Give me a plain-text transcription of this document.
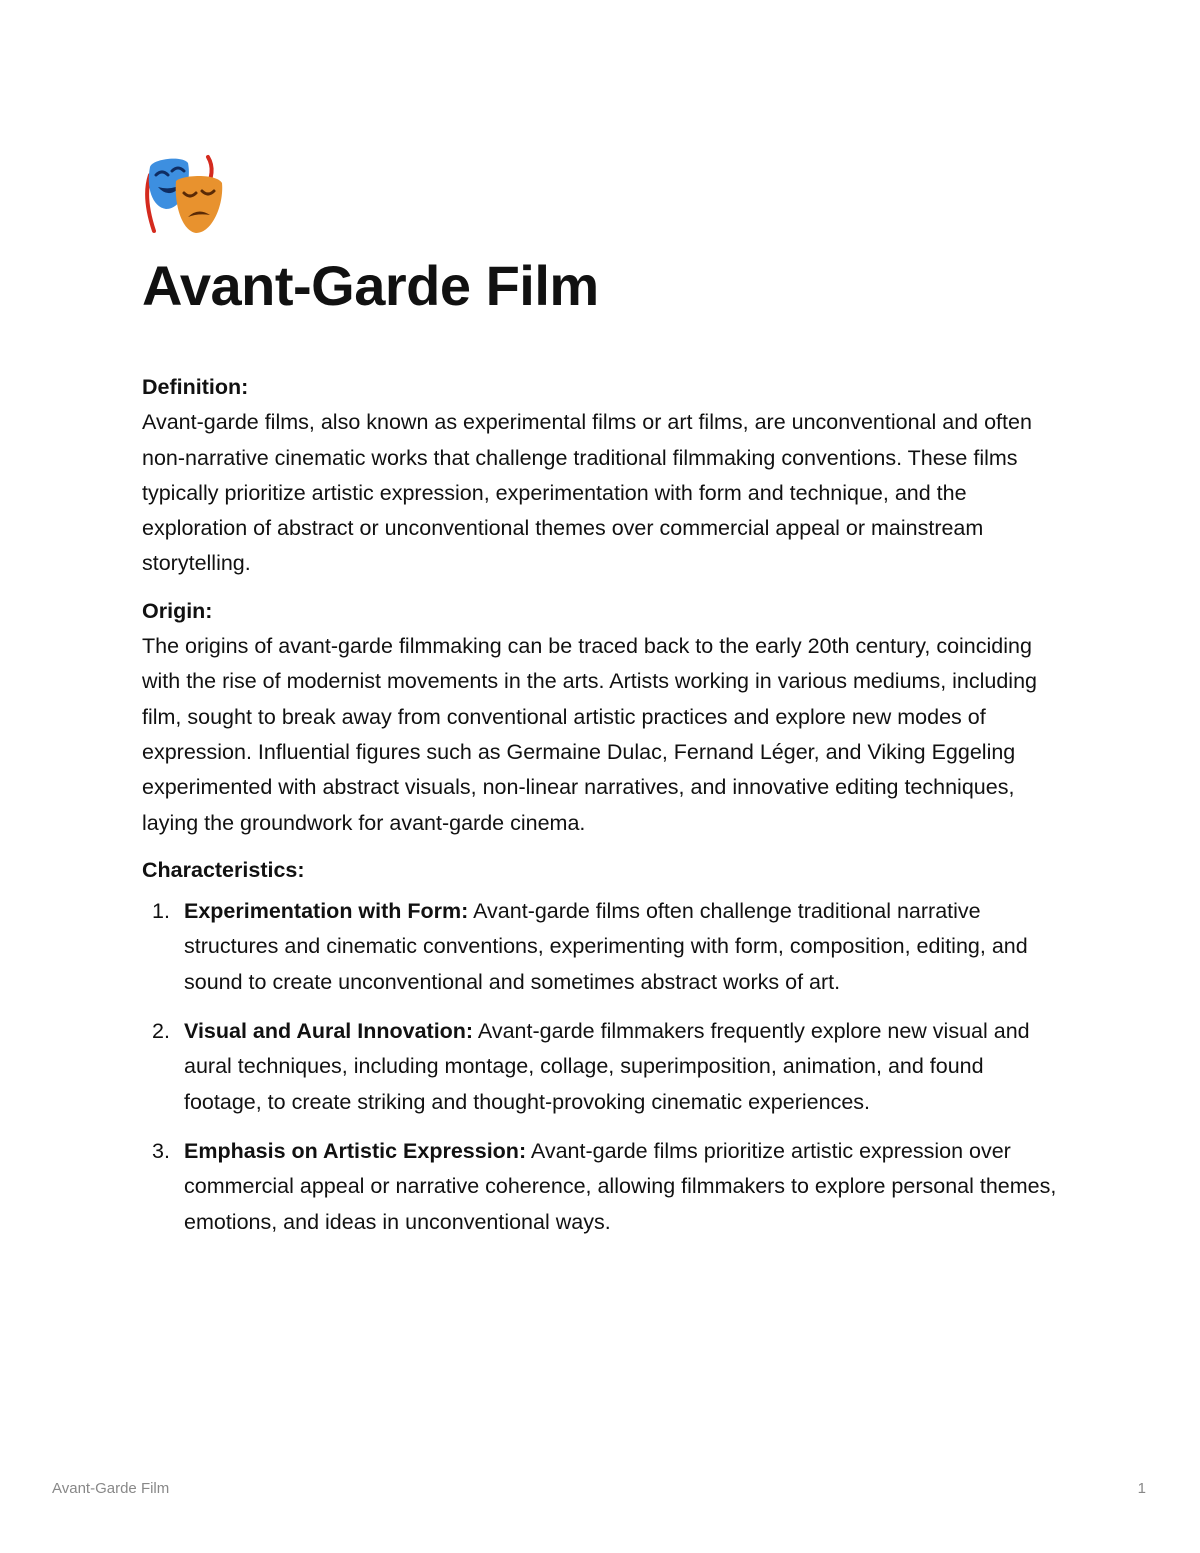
Avant-Garde Film

Definition:

Avant-garde films, also known as experimental films or art films, are unconventional and often non-narrative cinematic works that challenge traditional filmmaking conventions. These films typically prioritize artistic expression, experimentation with form and technique, and the exploration of abstract or unconventional themes over commercial appeal or mainstream storytelling.

Origin:

The origins of avant-garde filmmaking can be traced back to the early 20th century, coinciding with the rise of modernist movements in the arts. Artists working in various mediums, including film, sought to break away from conventional artistic practices and explore new modes of expression. Influential figures such as Germaine Dulac, Fernand Léger, and Viking Eggeling experimented with abstract visuals, non-linear narratives, and innovative editing techniques, laying the groundwork for avant-garde cinema.

Characteristics:

1. Experimentation with Form: Avant-garde films often challenge traditional narrative structures and cinematic conventions, experimenting with form, composition, editing, and sound to create unconventional and sometimes abstract works of art.
2. Visual and Aural Innovation: Avant-garde filmmakers frequently explore new visual and aural techniques, including montage, collage, superimposition, animation, and found footage, to create striking and thought-provoking cinematic experiences.
3. Emphasis on Artistic Expression: Avant-garde films prioritize artistic expression over commercial appeal or narrative coherence, allowing filmmakers to explore personal themes, emotions, and ideas in unconventional ways.
Avant-Garde Film	1
